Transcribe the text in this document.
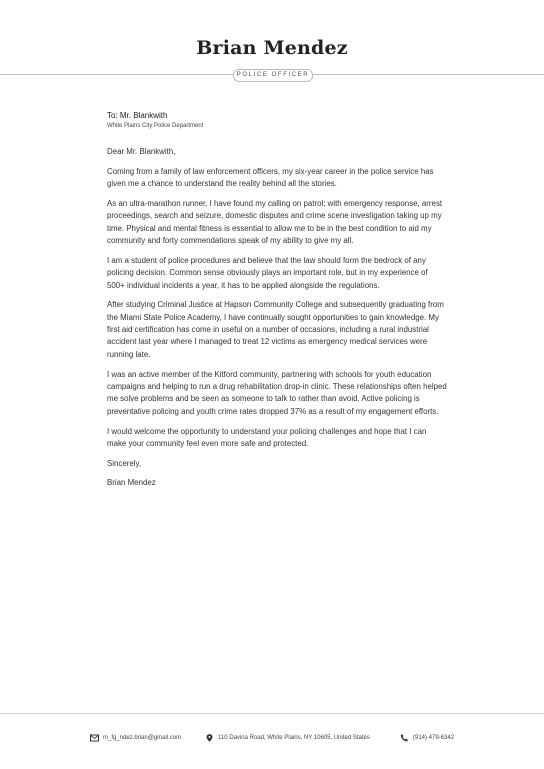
Brian Mendez
POLICE OFFICER
To: Mr. Blankwith
White Plains City Police Department

Dear Mr. Blankwith,

Coming from a family of law enforcement officers, my six-year career in the police service has given me a chance to understand the reality behind all the stories.

As an ultra-marathon runner, I have found my calling on patrol; with emergency response, arrest proceedings, search and seizure, domestic disputes and crime scene investigation taking up my time. Physical and mental fitness is essential to allow me to be in the best condition to aid my community and forty commendations speak of my ability to give my all.

I am a student of police procedures and believe that the law should form the bedrock of any policing decision. Common sense obviously plays an important role, but in my experience of 500+ individual incidents a year, it has to be applied alongside the regulations.

After studying Criminal Justice at Hapson Community College and subsequently graduating from the Miami State Police Academy, I have continually sought opportunities to gain knowledge. My first aid certification has come in useful on a number of occasions, including a rural industrial accident last year where I managed to treat 12 victims as emergency medical services were running late.

I was an active member of the Kitford community, partnering with schools for youth education campaigns and helping to run a drug rehabilitation drop-in clinic. These relationships often helped me solve problems and be seen as someone to talk to rather than avoid. Active policing is preventative policing and youth crime rates dropped 37% as a result of my engagement efforts.

I would welcome the opportunity to understand your policing challenges and hope that I can make your community feel even more safe and protected.

Sincerely,

Brian Mendez

m_fg_ndez.brian@gmail.com	110 Davina Road, White Plains, NY 10605, United States	(914) 479-6342
